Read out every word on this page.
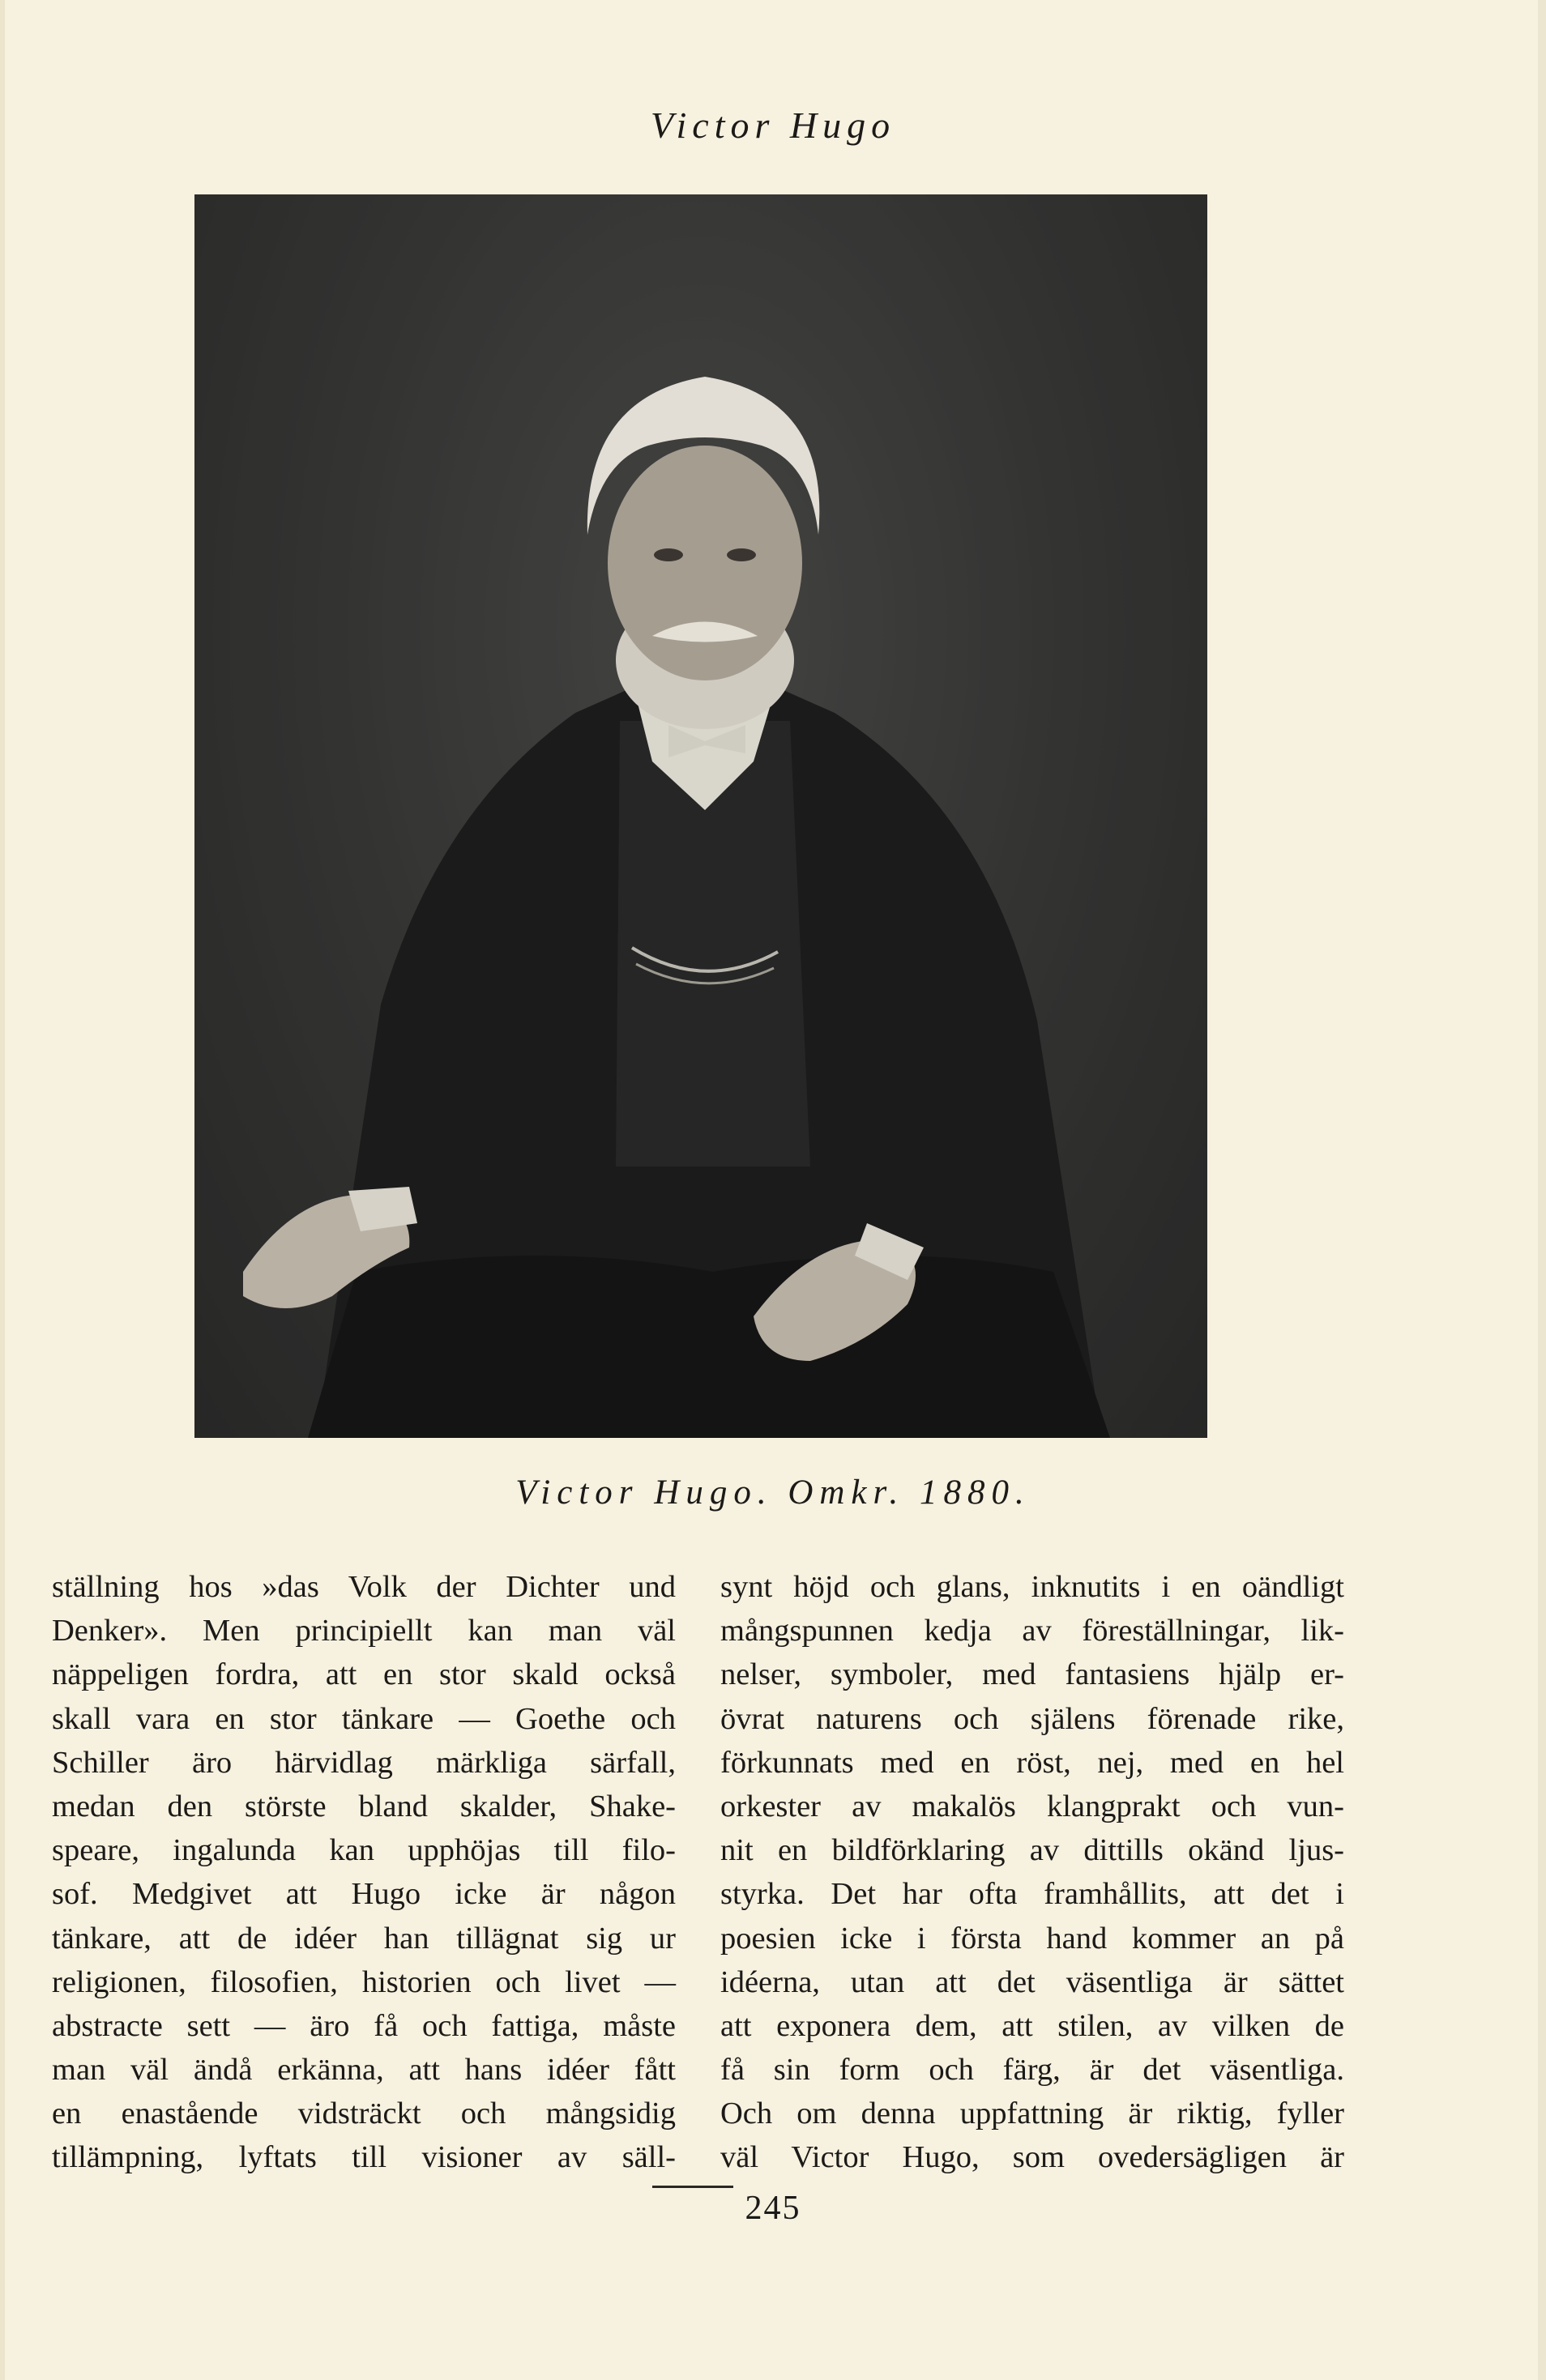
Victor Hugo
Victor Hugo. Omkr. 1880.
ställning hos »das Volk der Dichter und
Denker». Men principiellt kan man väl
näppeligen fordra, att en stor skald också
skall vara en stor tänkare — Goethe och
Schiller äro härvidlag märkliga särfall,
medan den störste bland skalder, Shake-
speare, ingalunda kan upphöjas till filo-
sof. Medgivet att Hugo icke är någon
tänkare, att de idéer han tillägnat sig ur
religionen, filosofien, historien och livet —
abstracte sett — äro få och fattiga, måste
man väl ändå erkänna, att hans idéer fått
en enastående vidsträckt och mångsidig
tillämpning, lyftats till visioner av säll-
synt höjd och glans, inknutits i en oändligt
mångspunnen kedja av föreställningar, lik-
nelser, symboler, med fantasiens hjälp er-
övrat naturens och själens förenade rike,
förkunnats med en röst, nej, med en hel
orkester av makalös klangprakt och vun-
nit en bildförklaring av dittills okänd ljus-
styrka. Det har ofta framhållits, att det i
poesien icke i första hand kommer an på
idéerna, utan att det väsentliga är sättet
att exponera dem, att stilen, av vilken de
få sin form och färg, är det väsentliga.
Och om denna uppfattning är riktig, fyller
väl Victor Hugo, som ovedersägligen är
245
